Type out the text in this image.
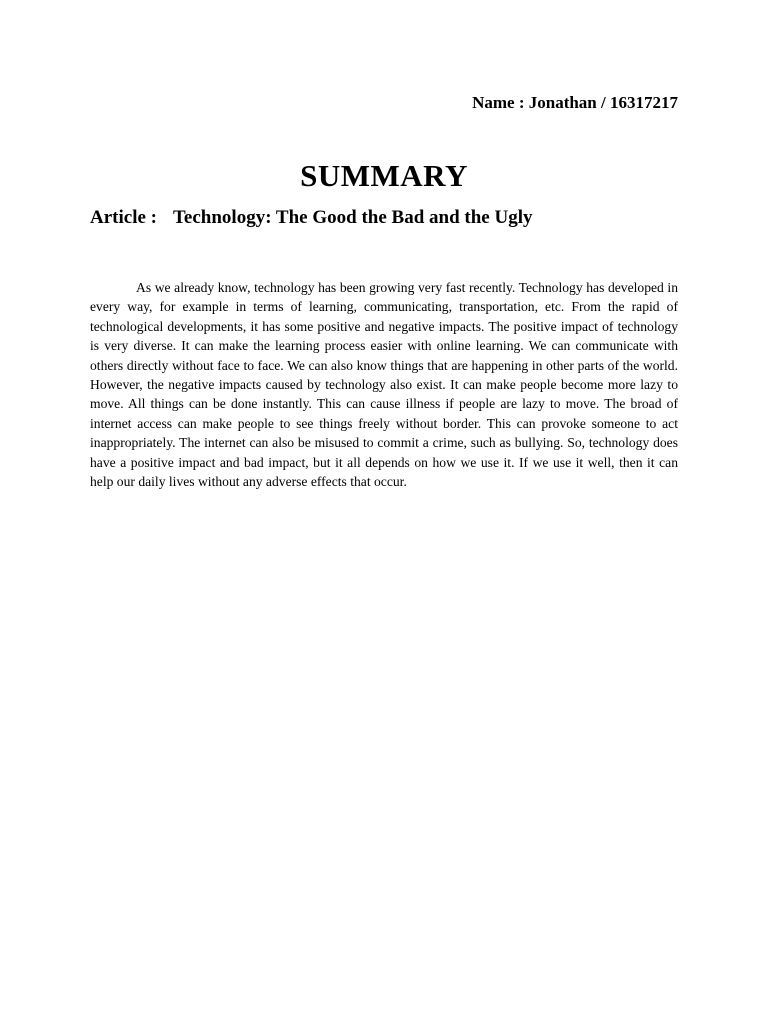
Name : Jonathan / 16317217
SUMMARY
Article : Technology: The Good the Bad and the Ugly

As we already know, technology has been growing very fast recently. Technology has developed in every way, for example in terms of learning, communicating, transportation, etc. From the rapid of technological developments, it has some positive and negative impacts. The positive impact of technology is very diverse. It can make the learning process easier with online learning. We can communicate with others directly without face to face. We can also know things that are happening in other parts of the world. However, the negative impacts caused by technology also exist. It can make people become more lazy to move. All things can be done instantly. This can cause illness if people are lazy to move. The broad of internet access can make people to see things freely without border. This can provoke someone to act inappropriately. The internet can also be misused to commit a crime, such as bullying. So, technology does have a positive impact and bad impact, but it all depends on how we use it. If we use it well, then it can help our daily lives without any adverse effects that occur.
